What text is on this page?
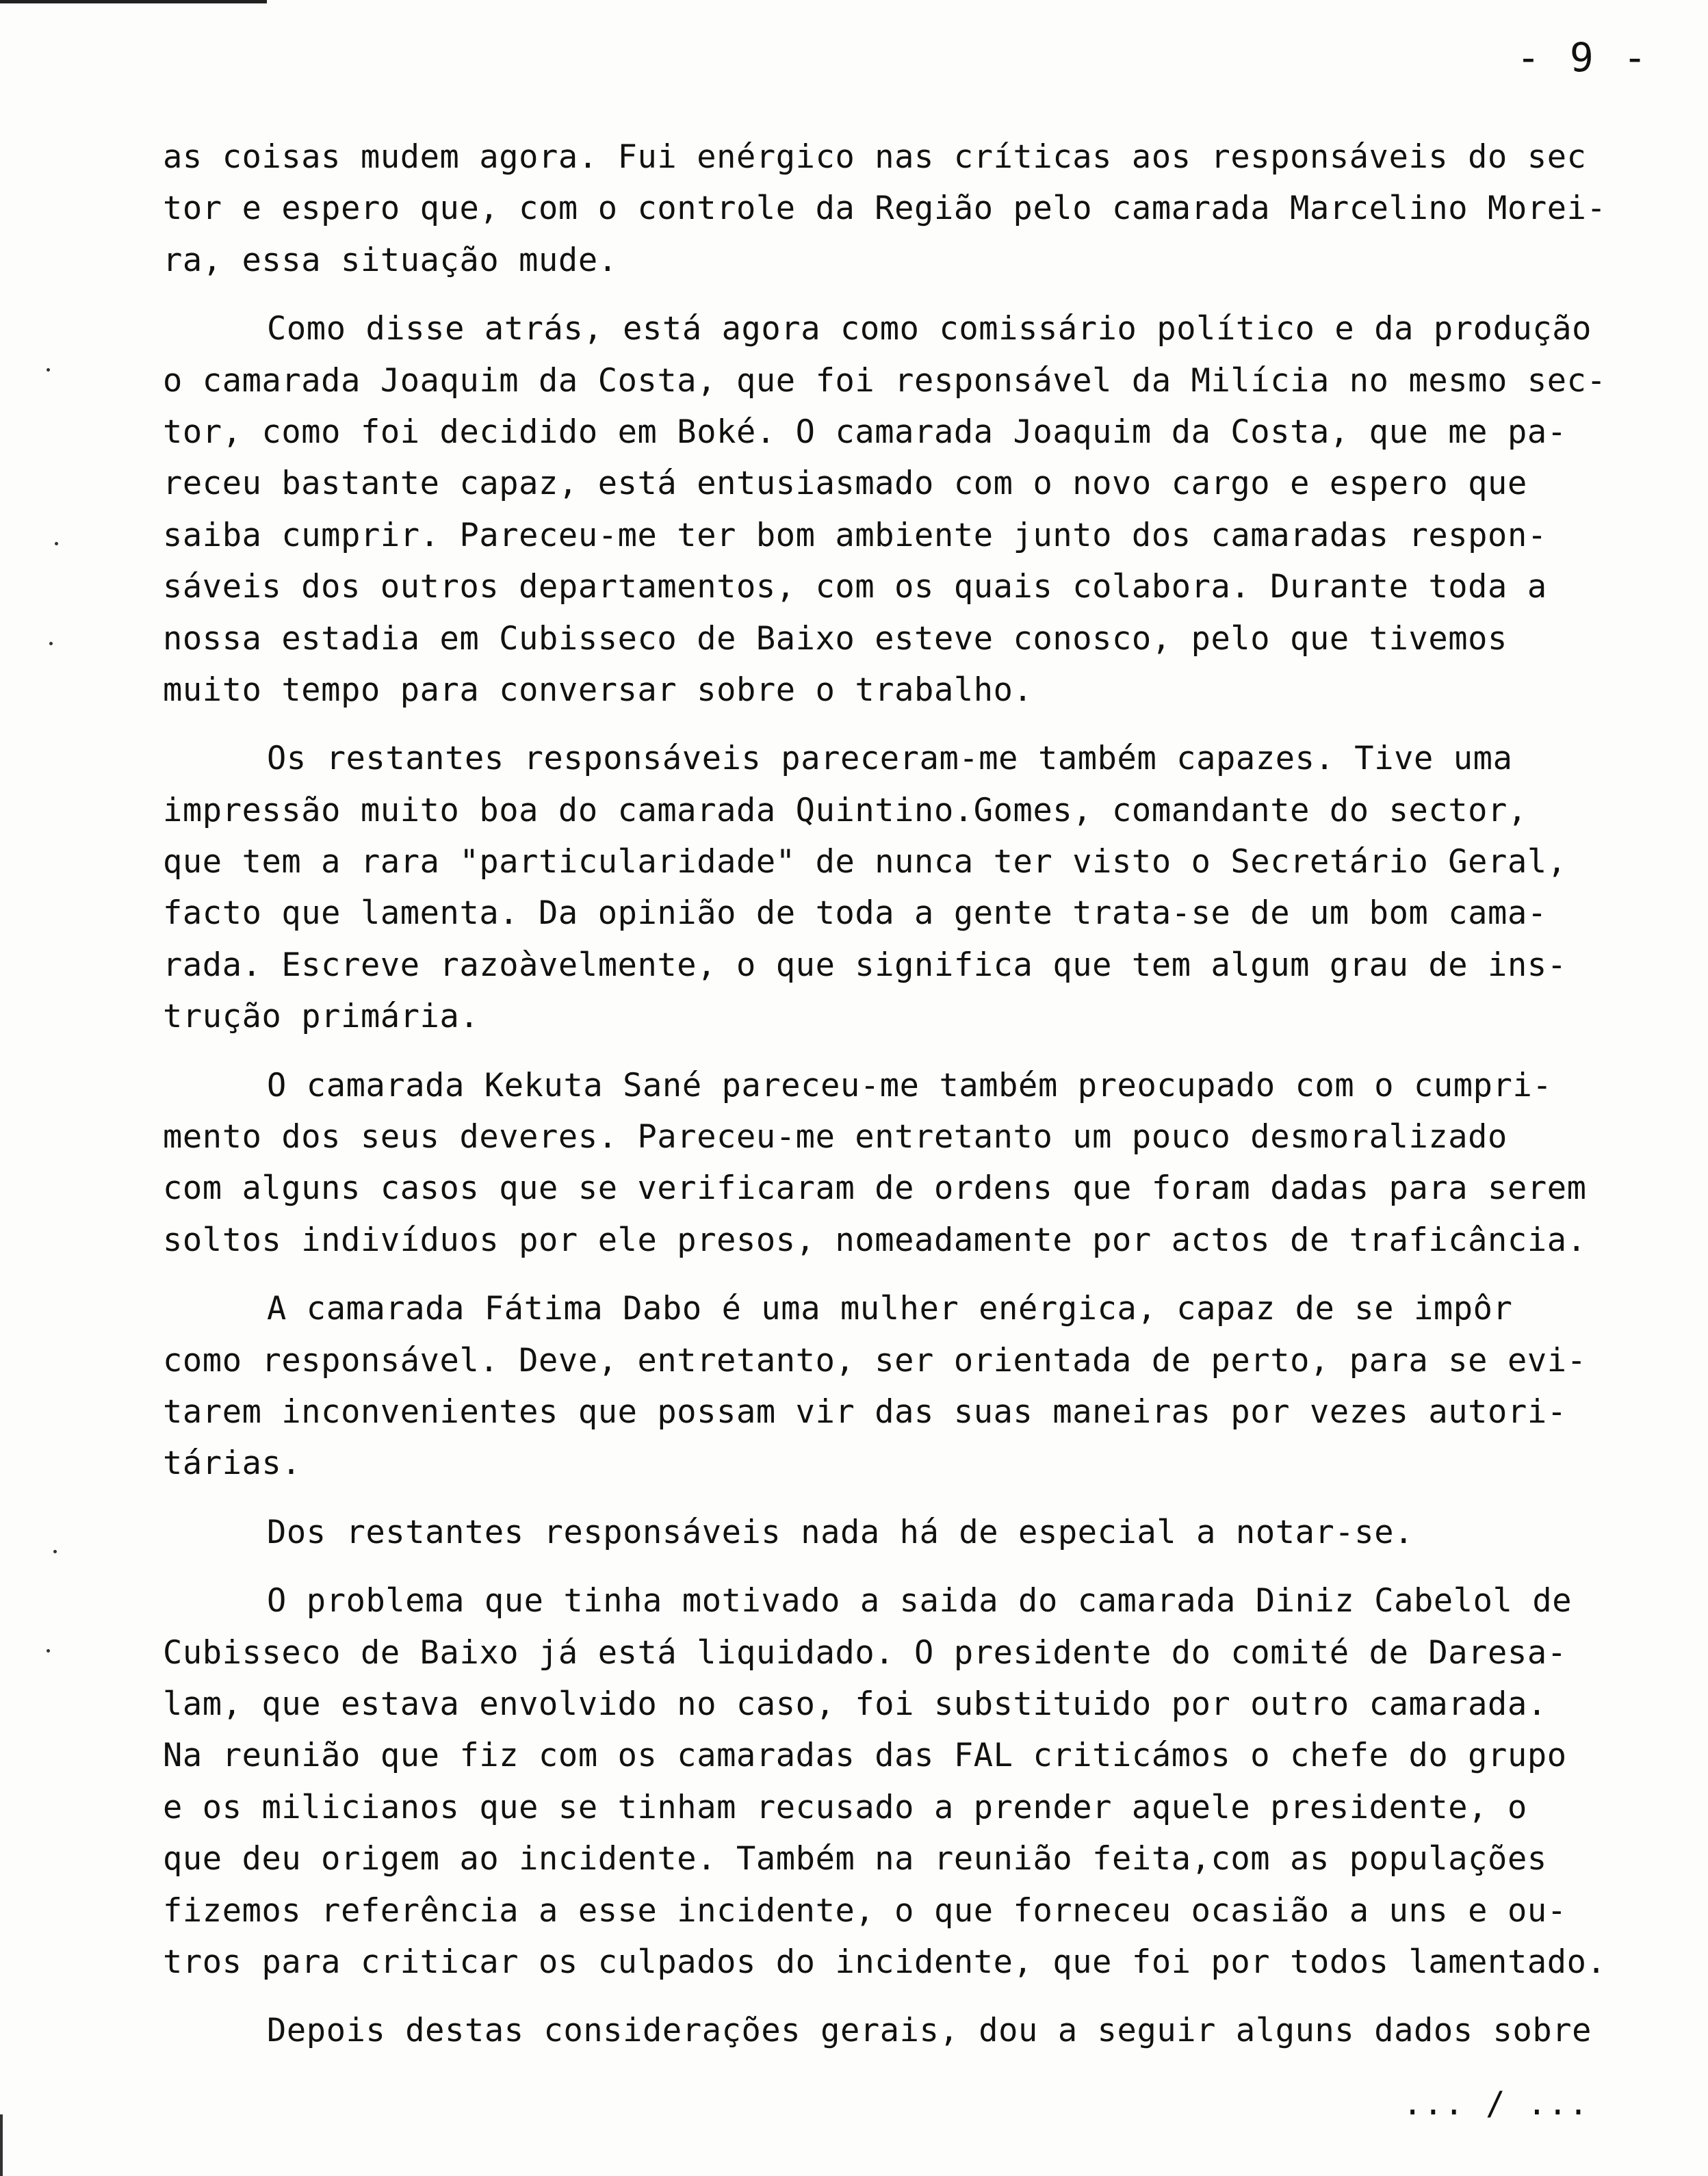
- 9 -
as coisas mudem agora. Fui enérgico nas críticas aos responsáveis do sec
tor e espero que, com o controle da Região pelo camarada Marcelino Morei-
ra, essa situação mude.
Como disse atrás, está agora como comissário político e da produção
o camarada Joaquim da Costa, que foi responsável da Milícia no mesmo sec-
tor, como foi decidido em Boké. O camarada Joaquim da Costa, que me pa-
receu bastante capaz, está entusiasmado com o novo cargo e espero que
saiba cumprir. Pareceu-me ter bom ambiente junto dos camaradas respon-
sáveis dos outros departamentos, com os quais colabora. Durante toda a
nossa estadia em Cubisseco de Baixo esteve conosco, pelo que tivemos
muito tempo para conversar sobre o trabalho.
Os restantes responsáveis pareceram-me também capazes. Tive uma
impressão muito boa do camarada Quintino.Gomes, comandante do sector,
que tem a rara "particularidade" de nunca ter visto o Secretário Geral,
facto que lamenta. Da opinião de toda a gente trata-se de um bom cama-
rada. Escreve razoàvelmente, o que significa que tem algum grau de ins-
trução primária.
O camarada Kekuta Sané pareceu-me também preocupado com o cumpri-
mento dos seus deveres. Pareceu-me entretanto um pouco desmoralizado
com alguns casos que se verificaram de ordens que foram dadas para serem
soltos indivíduos por ele presos, nomeadamente por actos de traficância.
A camarada Fátima Dabo é uma mulher enérgica, capaz de se impôr
como responsável. Deve, entretanto, ser orientada de perto, para se evi-
tarem inconvenientes que possam vir das suas maneiras por vezes autori-
tárias.
Dos restantes responsáveis nada há de especial a notar-se.
O problema que tinha motivado a saida do camarada Diniz Cabelol de
Cubisseco de Baixo já está liquidado. O presidente do comité de Daresa-
lam, que estava envolvido no caso, foi substituido por outro camarada.
Na reunião que fiz com os camaradas das FAL criticámos o chefe do grupo
e os milicianos que se tinham recusado a prender aquele presidente, o
que deu origem ao incidente. Também na reunião feita,com as populações
fizemos referência a esse incidente, o que forneceu ocasião a uns e ou-
tros para criticar os culpados do incidente, que foi por todos lamentado.
Depois destas considerações gerais, dou a seguir alguns dados sobre
... / ...
